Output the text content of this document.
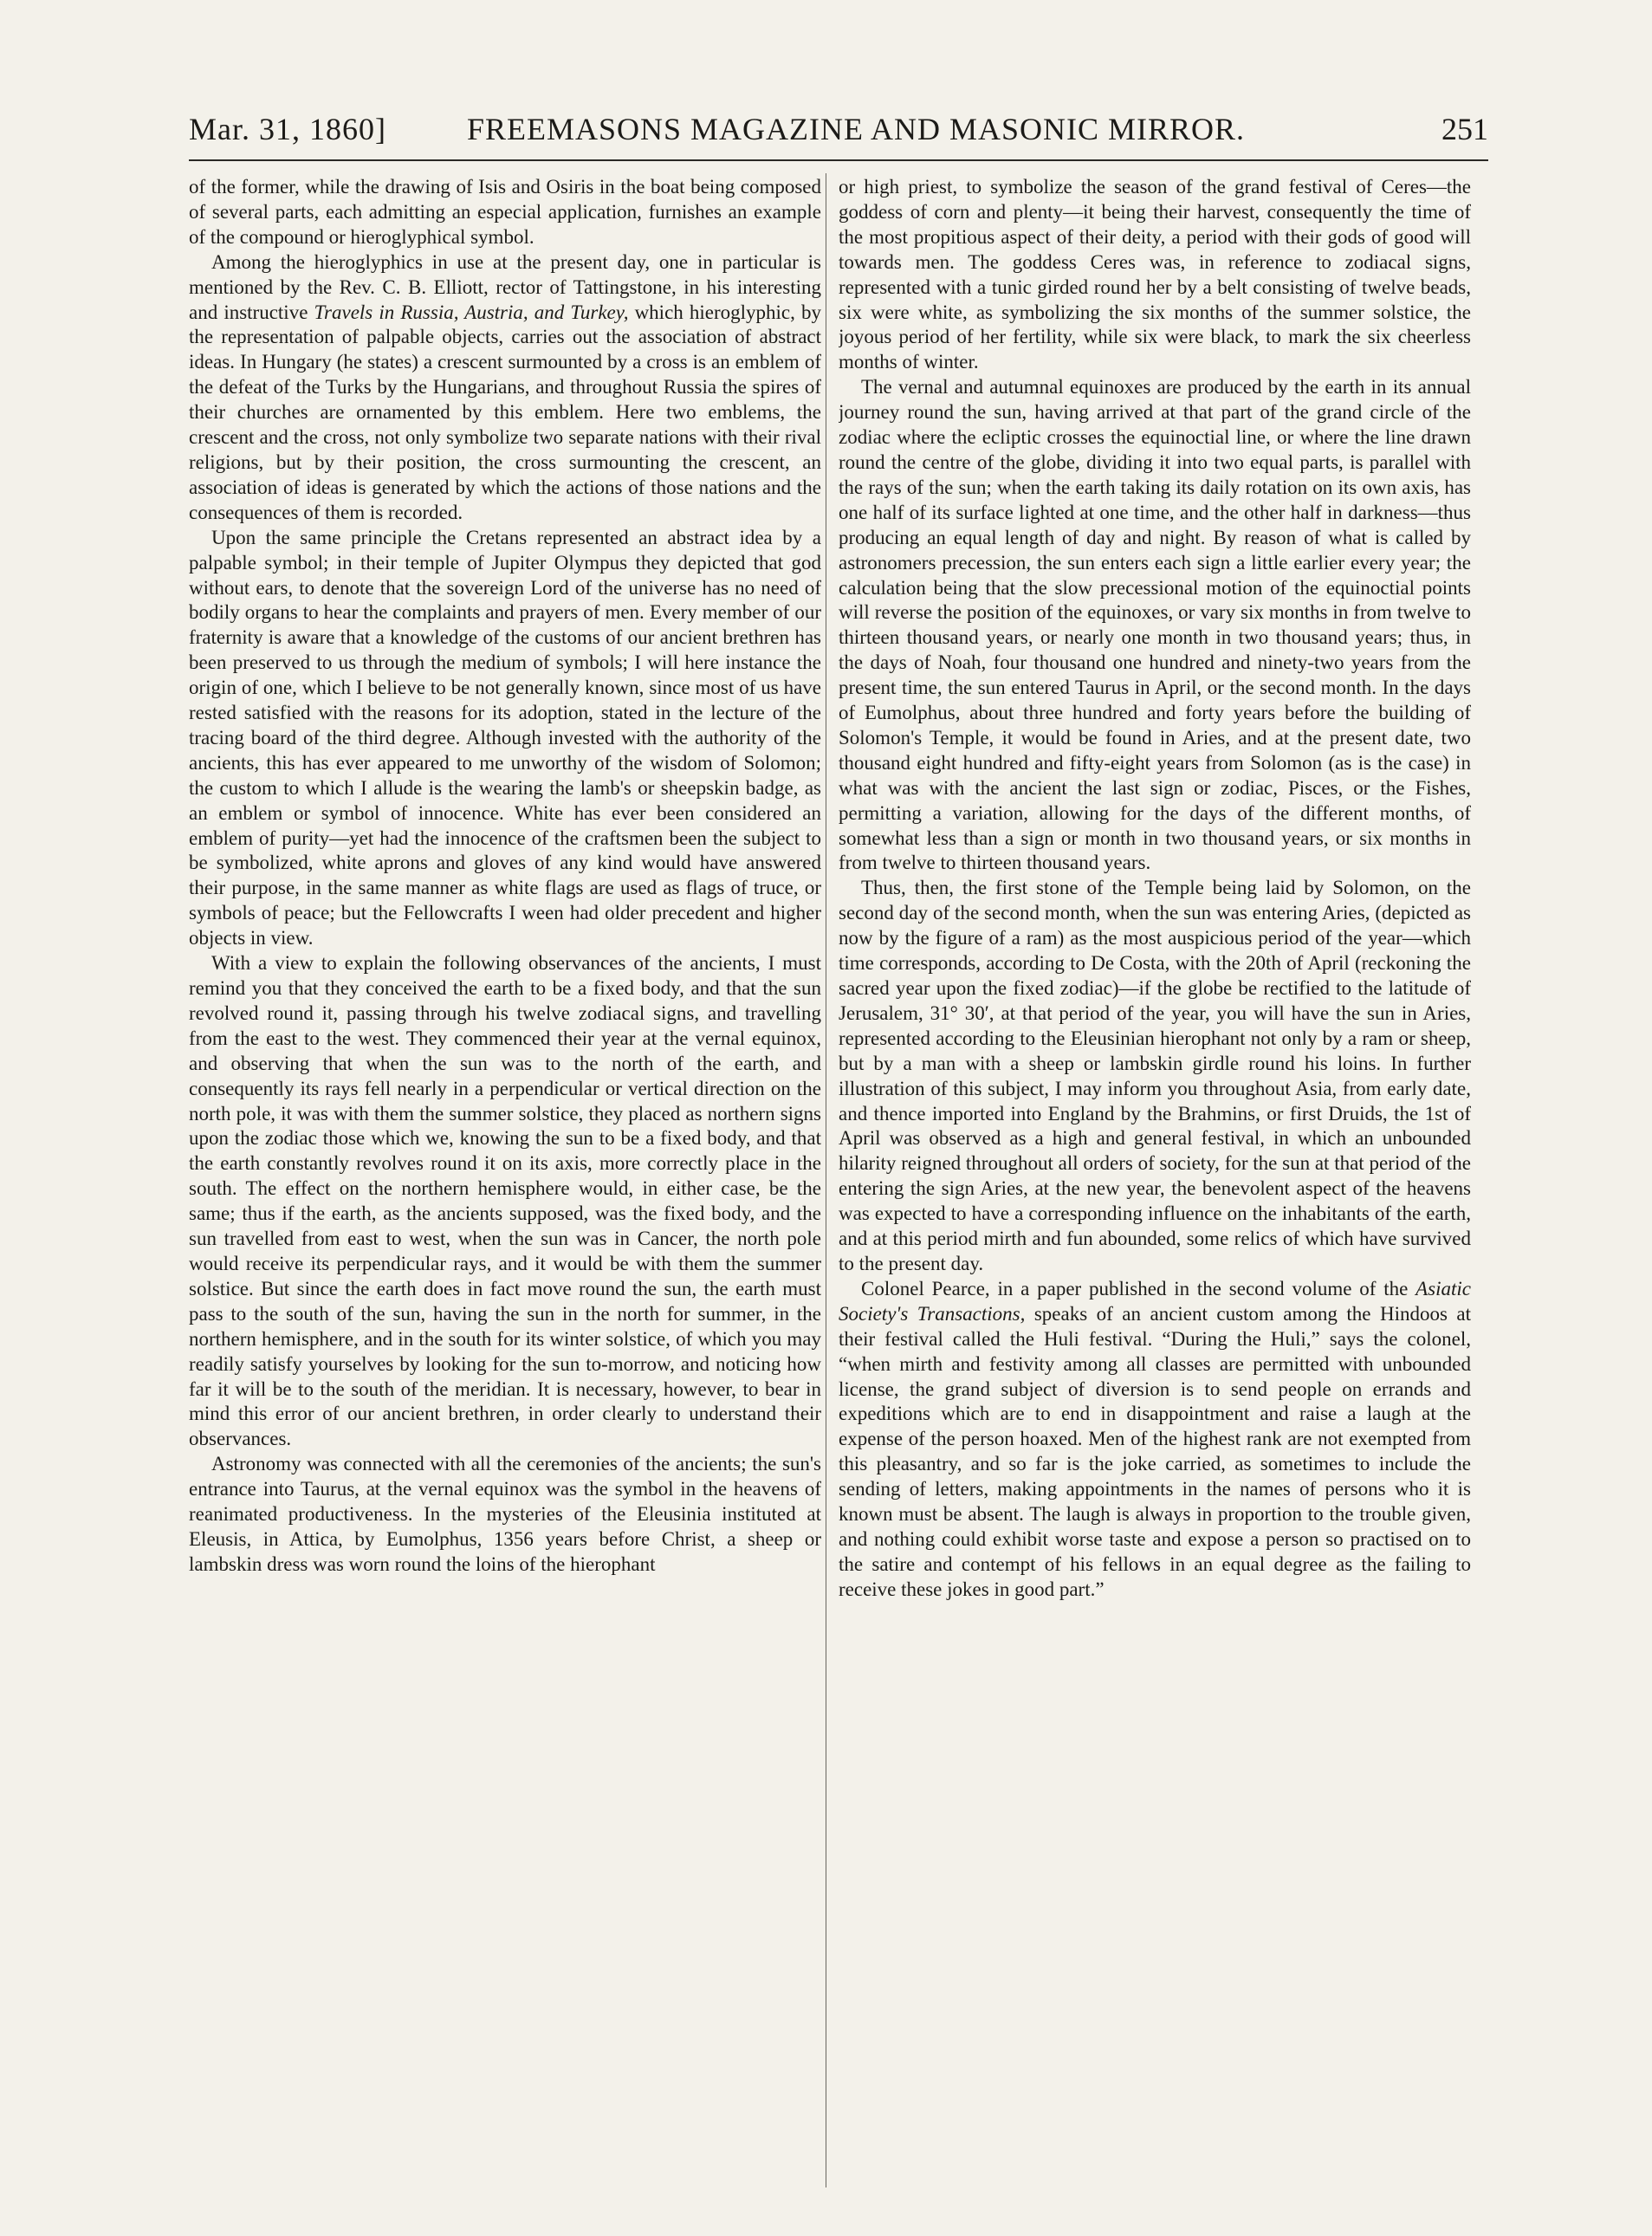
Mar. 31, 1860]	FREEMASONS MAGAZINE AND MASONIC MIRROR.	251

of the former, while the drawing of Isis and Osiris in the boat being composed of several parts, each admitting an especial application, furnishes an example of the compound or hieroglyphical symbol.

Among the hieroglyphics in use at the present day, one in particular is mentioned by the Rev. C. B. Elliott, rector of Tattingstone, in his interesting and instructive Travels in Russia, Austria, and Turkey, which hieroglyphic, by the representation of palpable objects, carries out the association of abstract ideas. In Hungary (he states) a crescent surmounted by a cross is an emblem of the defeat of the Turks by the Hungarians, and throughout Russia the spires of their churches are ornamented by this emblem. Here two emblems, the crescent and the cross, not only symbolize two separate nations with their rival religions, but by their position, the cross surmounting the crescent, an association of ideas is generated by which the actions of those nations and the consequences of them is recorded.

Upon the same principle the Cretans represented an abstract idea by a palpable symbol; in their temple of Jupiter Olympus they depicted that god without ears, to denote that the sovereign Lord of the universe has no need of bodily organs to hear the complaints and prayers of men. Every member of our fraternity is aware that a knowledge of the customs of our ancient brethren has been preserved to us through the medium of symbols; I will here instance the origin of one, which I believe to be not generally known, since most of us have rested satisfied with the reasons for its adoption, stated in the lecture of the tracing board of the third degree. Although invested with the authority of the ancients, this has ever appeared to me unworthy of the wisdom of Solomon; the custom to which I allude is the wearing the lamb's or sheepskin badge, as an emblem or symbol of innocence. White has ever been considered an emblem of purity—yet had the innocence of the craftsmen been the subject to be symbolized, white aprons and gloves of any kind would have answered their purpose, in the same manner as white flags are used as flags of truce, or symbols of peace; but the Fellowcrafts I ween had older precedent and higher objects in view.

With a view to explain the following observances of the ancients, I must remind you that they conceived the earth to be a fixed body, and that the sun revolved round it, passing through his twelve zodiacal signs, and travelling from the east to the west. They commenced their year at the vernal equinox, and observing that when the sun was to the north of the earth, and consequently its rays fell nearly in a perpendicular or vertical direction on the north pole, it was with them the summer solstice, they placed as northern signs upon the zodiac those which we, knowing the sun to be a fixed body, and that the earth constantly revolves round it on its axis, more correctly place in the south. The effect on the northern hemisphere would, in either case, be the same; thus if the earth, as the ancients supposed, was the fixed body, and the sun travelled from east to west, when the sun was in Cancer, the north pole would receive its perpendicular rays, and it would be with them the summer solstice. But since the earth does in fact move round the sun, the earth must pass to the south of the sun, having the sun in the north for summer, in the northern hemisphere, and in the south for its winter solstice, of which you may readily satisfy yourselves by looking for the sun to-morrow, and noticing how far it will be to the south of the meridian. It is necessary, however, to bear in mind this error of our ancient brethren, in order clearly to understand their observances.

Astronomy was connected with all the ceremonies of the ancients; the sun's entrance into Taurus, at the vernal equinox was the symbol in the heavens of reanimated productiveness. In the mysteries of the Eleusinia instituted at Eleusis, in Attica, by Eumolphus, 1356 years before Christ, a sheep or lambskin dress was worn round the loins of the hierophant

or high priest, to symbolize the season of the grand festival of Ceres—the goddess of corn and plenty—it being their harvest, consequently the time of the most propitious aspect of their deity, a period with their gods of good will towards men. The goddess Ceres was, in reference to zodiacal signs, represented with a tunic girded round her by a belt consisting of twelve beads, six were white, as symbolizing the six months of the summer solstice, the joyous period of her fertility, while six were black, to mark the six cheerless months of winter.

The vernal and autumnal equinoxes are produced by the earth in its annual journey round the sun, having arrived at that part of the grand circle of the zodiac where the ecliptic crosses the equinoctial line, or where the line drawn round the centre of the globe, dividing it into two equal parts, is parallel with the rays of the sun; when the earth taking its daily rotation on its own axis, has one half of its surface lighted at one time, and the other half in darkness—thus producing an equal length of day and night. By reason of what is called by astronomers precession, the sun enters each sign a little earlier every year; the calculation being that the slow precessional motion of the equinoctial points will reverse the position of the equinoxes, or vary six months in from twelve to thirteen thousand years, or nearly one month in two thousand years; thus, in the days of Noah, four thousand one hundred and ninety-two years from the present time, the sun entered Taurus in April, or the second month. In the days of Eumolphus, about three hundred and forty years before the building of Solomon's Temple, it would be found in Aries, and at the present date, two thousand eight hundred and fifty-eight years from Solomon (as is the case) in what was with the ancient the last sign or zodiac, Pisces, or the Fishes, permitting a variation, allowing for the days of the different months, of somewhat less than a sign or month in two thousand years, or six months in from twelve to thirteen thousand years.

Thus, then, the first stone of the Temple being laid by Solomon, on the second day of the second month, when the sun was entering Aries, (depicted as now by the figure of a ram) as the most auspicious period of the year—which time corresponds, according to De Costa, with the 20th of April (reckoning the sacred year upon the fixed zodiac)—if the globe be rectified to the latitude of Jerusalem, 31° 30′, at that period of the year, you will have the sun in Aries, represented according to the Eleusinian hierophant not only by a ram or sheep, but by a man with a sheep or lambskin girdle round his loins. In further illustration of this subject, I may inform you throughout Asia, from early date, and thence imported into England by the Brahmins, or first Druids, the 1st of April was observed as a high and general festival, in which an unbounded hilarity reigned throughout all orders of society, for the sun at that period of the entering the sign Aries, at the new year, the benevolent aspect of the heavens was expected to have a corresponding influence on the inhabitants of the earth, and at this period mirth and fun abounded, some relics of which have survived to the present day.

Colonel Pearce, in a paper published in the second volume of the Asiatic Society's Transactions, speaks of an ancient custom among the Hindoos at their festival called the Huli festival. “During the Huli,” says the colonel, “when mirth and festivity among all classes are permitted with unbounded license, the grand subject of diversion is to send people on errands and expeditions which are to end in disappointment and raise a laugh at the expense of the person hoaxed. Men of the highest rank are not exempted from this pleasantry, and so far is the joke carried, as sometimes to include the sending of letters, making appointments in the names of persons who it is known must be absent. The laugh is always in proportion to the trouble given, and nothing could exhibit worse taste and expose a person so practised on to the satire and contempt of his fellows in an equal degree as the failing to receive these jokes in good part.”
